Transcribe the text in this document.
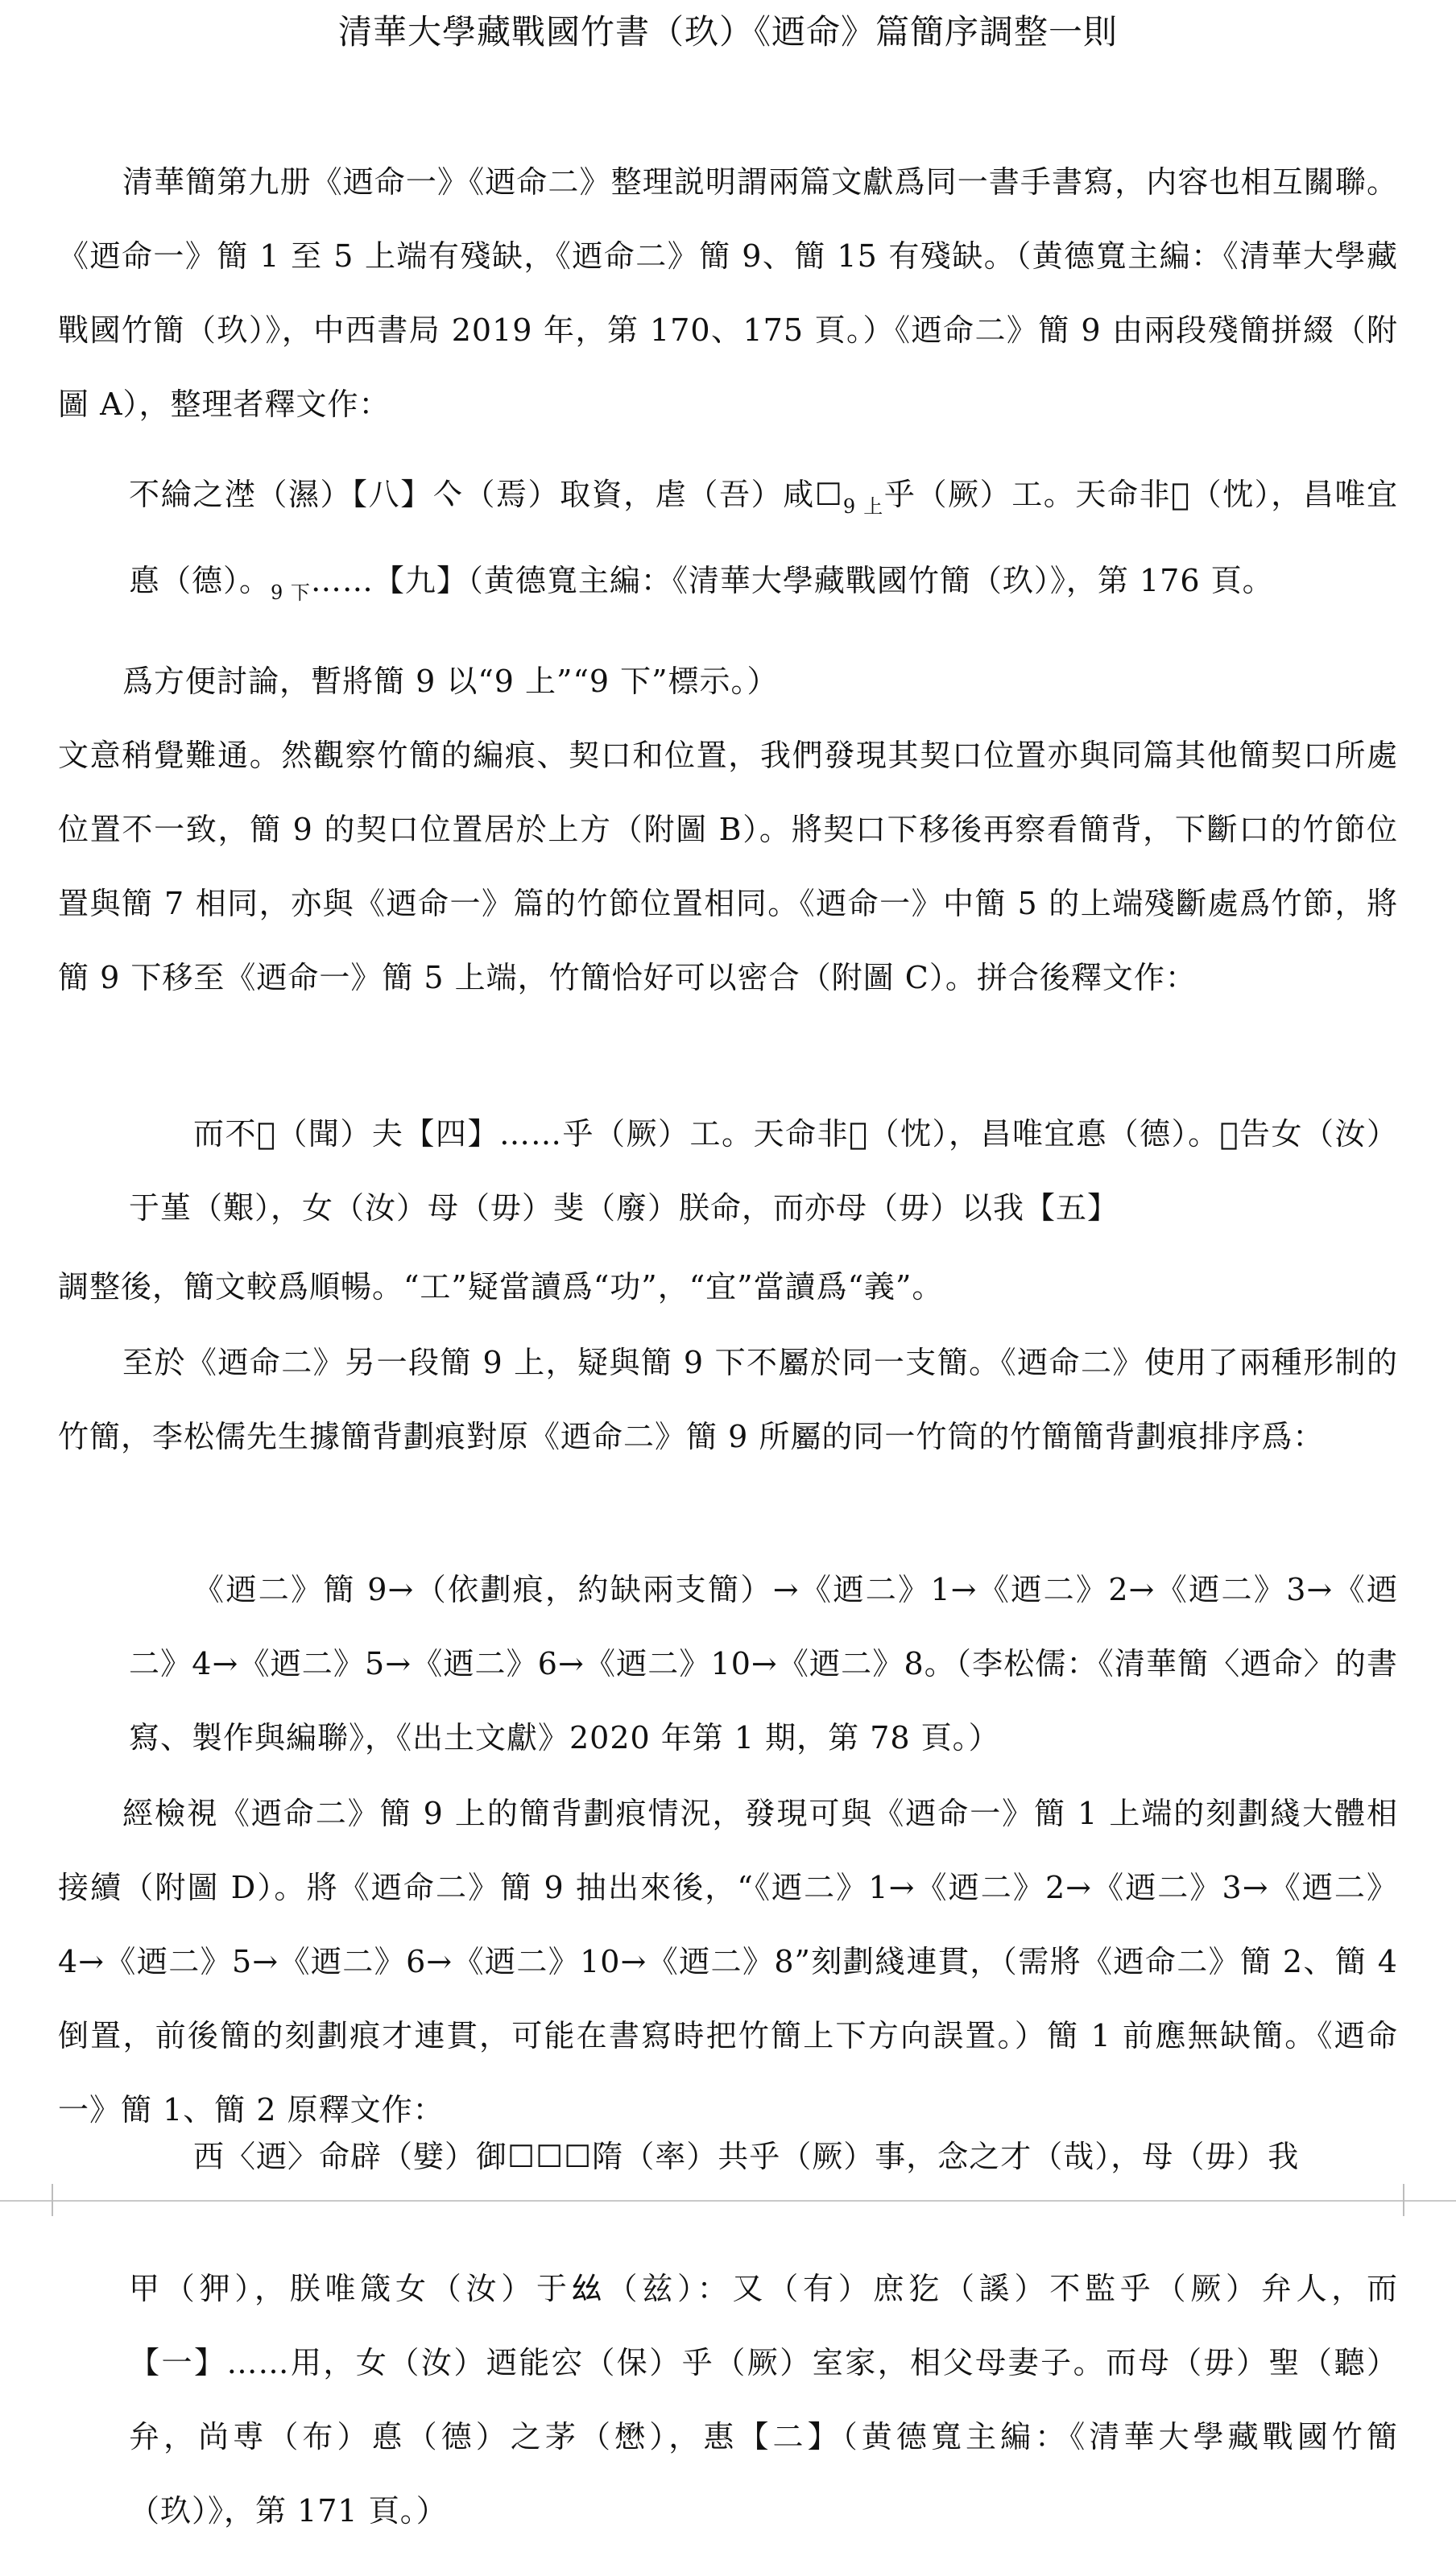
清華大學藏戰國竹書（玖）《迺命》篇簡序調整一則

清華簡第九册《迺命一》《迺命二》整理説明謂兩篇文獻爲同一書手書寫，内容也相互關聯。《迺命一》簡 1 至 5 上端有殘缺，《迺命二》簡 9、簡 15 有殘缺。（黄德寬主編：《清華大學藏戰國竹簡（玖）》，中西書局 2019 年，第 170、175 頁。）《迺命二》簡 9 由兩段殘簡拼綴（附圖 A），整理者釋文作：

不綸之漜（濕）【八】亽（焉）取資，虐（吾）咸$☐_{9 上}$乎（厥）工。天命非𠇎（忱），昌唯宜悳（德）。$_{9 下}$……【九】（黄德寬主編：《清華大學藏戰國竹簡（玖）》，第 176 頁。

爲方便討論，暫將簡 9 以“9 上”“9 下”標示。）

文意稍覺難通。然觀察竹簡的編痕、契口和位置，我們發現其契口位置亦與同篇其他簡契口所處位置不一致，簡 9 的契口位置居於上方（附圖 B）。將契口下移後再察看簡背，下斷口的竹節位置與簡 7 相同，亦與《迺命一》篇的竹節位置相同。《迺命一》中簡 5 的上端殘斷處爲竹節，將簡 9 下移至《迺命一》簡 5 上端，竹簡恰好可以密合（附圖 C）。拼合後釋文作：

而不𦖞（聞）夫【四】……乎（厥）工。天命非𠇎（忱），昌唯宜悳（德）。𣌭告女（汝）于堇（艱），女（汝）母（毋）斐（廢）朕命，而亦母（毋）以我【五】

調整後，簡文較爲順暢。“工”疑當讀爲“功”，“宜”當讀爲“義”。

至於《迺命二》另一段簡 9 上，疑與簡 9 下不屬於同一支簡。《迺命二》使用了兩種形制的竹簡，李松儒先生據簡背劃痕對原《迺命二》簡 9 所屬的同一竹筒的竹簡簡背劃痕排序爲：

《迺二》簡 9→（依劃痕，約缺兩支簡）→《迺二》1→《迺二》2→《迺二》3→《迺二》4→《迺二》5→《迺二》6→《迺二》10→《迺二》8。（李松儒：《清華簡〈迺命〉的書寫、製作與編聯》，《出土文獻》2020 年第 1 期，第 78 頁。）

經檢視《迺命二》簡 9 上的簡背劃痕情況，發現可與《迺命一》簡 1 上端的刻劃綫大體相接續（附圖 D）。將《迺命二》簡 9 抽出來後，“《迺二》1→《迺二》2→《迺二》3→《迺二》4→《迺二》5→《迺二》6→《迺二》10→《迺二》8”刻劃綫連貫，（需將《迺命二》簡 2、簡 4 倒置，前後簡的刻劃痕才連貫，可能在書寫時把竹簡上下方向誤置。）簡 1 前應無缺簡。《迺命一》簡 1、簡 2 原釋文作：

西〈迺〉命辟（嬖）御☐☐☐隋（率）共乎（厥）事，念之才（哉），母（毋）我

甲（狎），朕唯箴女（汝）于𢆶（兹）：又（有）庶犵（謑）不監乎（厥）弁人，而【一】……用，女（汝）迺能㝐（保）乎（厥）室家，相父母妻子。而母（毋）聖（聽）弁，尚尃（布）悳（德）之茅（懋），惠【二】（黄德寬主編：《清華大學藏戰國竹簡（玖）》，第 171 頁。）
